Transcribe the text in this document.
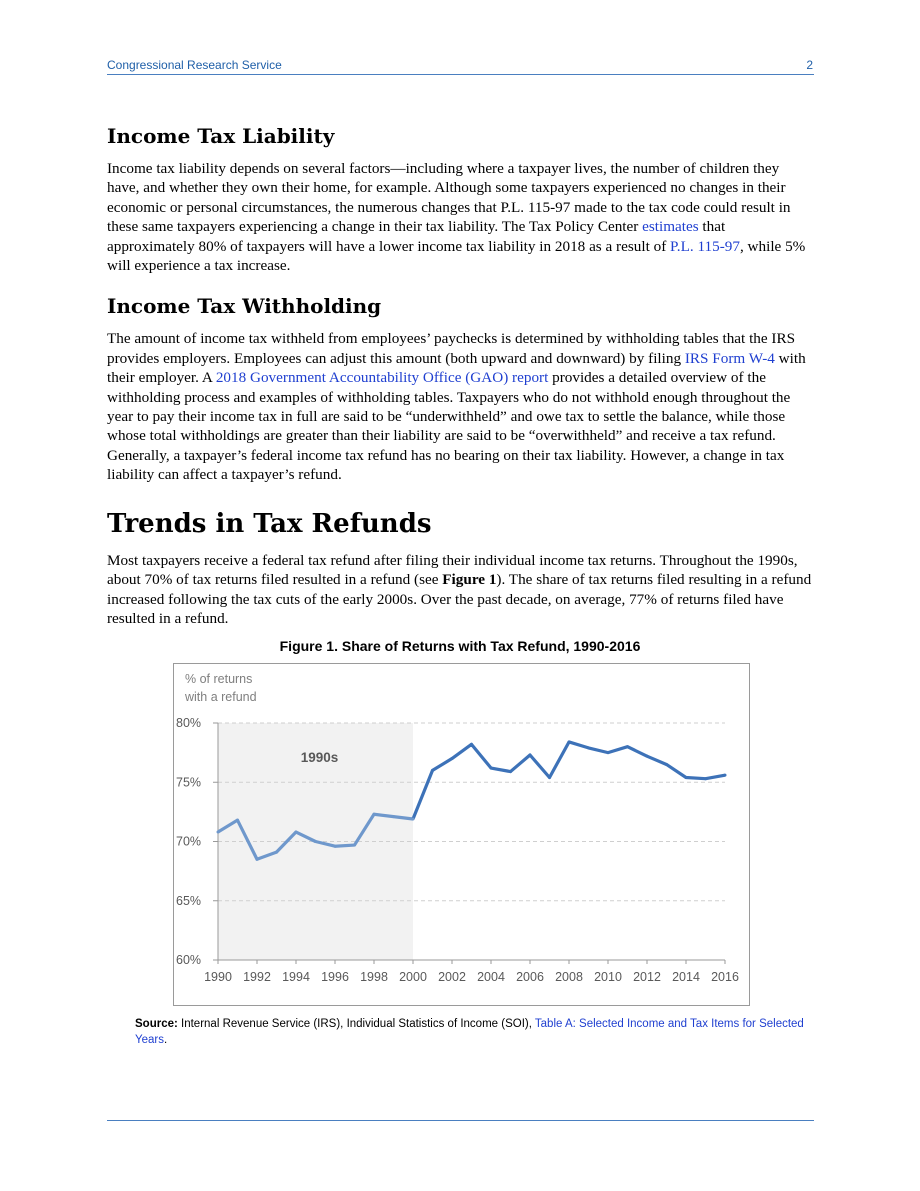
Congressional Research Service	2
Income Tax Liability

Income tax liability depends on several factors—including where a taxpayer lives, the number of children they have, and whether they own their home, for example. Although some taxpayers experienced no changes in their economic or personal circumstances, the numerous changes that P.L. 115-97 made to the tax code could result in these same taxpayers experiencing a change in their tax liability. The Tax Policy Center estimates that approximately 80% of taxpayers will have a lower income tax liability in 2018 as a result of P.L. 115-97, while 5% will experience a tax increase.

Income Tax Withholding

The amount of income tax withheld from employees’ paychecks is determined by withholding tables that the IRS provides employers. Employees can adjust this amount (both upward and downward) by filing IRS Form W-4 with their employer. A 2018 Government Accountability Office (GAO) report provides a detailed overview of the withholding process and examples of withholding tables. Taxpayers who do not withhold enough throughout the year to pay their income tax in full are said to be “underwithheld” and owe tax to settle the balance, while those whose total withholdings are greater than their liability are said to be “overwithheld” and receive a tax refund. Generally, a taxpayer’s federal income tax refund has no bearing on their tax liability. However, a change in tax liability can affect a taxpayer’s refund.

Trends in Tax Refunds

Most taxpayers receive a federal tax refund after filing their individual income tax returns. Throughout the 1990s, about 70% of tax returns filed resulted in a refund (see Figure 1). The share of tax returns filed resulting in a refund increased following the tax cuts of the early 2000s. Over the past decade, on average, 77% of returns filed have resulted in a refund.

Figure 1. Share of Returns with Tax Refund, 1990-2016
60%
65%
70%
75%
80%
1990 1992 1994 1996 1998 2000 2002 2004 2006 2008 2010 2012 2014 2016
% of returns
with a refund
1990s
Source: Internal Revenue Service (IRS), Individual Statistics of Income (SOI), Table A: Selected Income and Tax Items for Selected Years.
